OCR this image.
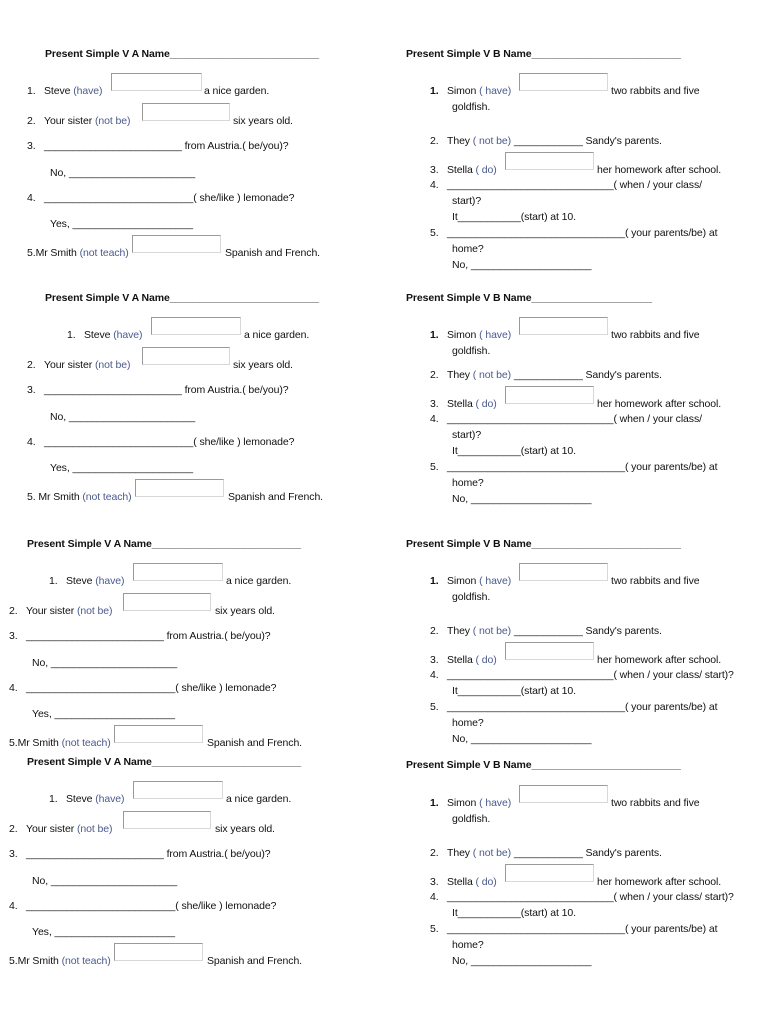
Present Simple V A Name__________________________
1. Steve (have)	a nice garden.
2. Your sister (not be)	six years old.
3. ________________________ from Austria.( be/you)?
No, ______________________
4. __________________________( she/like ) lemonade?
Yes, _____________________
5.Mr Smith (not teach)	Spanish and French.
Present Simple V A Name__________________________
1. Steve (have)	a nice garden.
2. Your sister (not be)	six years old.
3. ________________________ from Austria.( be/you)?
No, ______________________
4. __________________________( she/like ) lemonade?
Yes, _____________________
5. Mr Smith (not teach)	Spanish and French.
Present Simple V A Name__________________________
1. Steve (have)	a nice garden.
2. Your sister (not be)	six years old.
3. ________________________ from Austria.( be/you)?
No, ______________________
4. __________________________( she/like ) lemonade?
Yes, _____________________
5.Mr Smith (not teach)	Spanish and French.
Present Simple V A Name__________________________
1. Steve (have)	a nice garden.
2. Your sister (not be)	six years old.
3. ________________________ from Austria.( be/you)?
No, ______________________
4. __________________________( she/like ) lemonade?
Yes, _____________________
5.Mr Smith (not teach)	Spanish and French.
Present Simple V B Name__________________________
1. Simon ( have)	two rabbits and five
goldfish.
2. They ( not be) ____________ Sandy's parents.
3. Stella ( do)	her homework after school.
4. _____________________________( when / your class/
start)?
It___________(start) at 10.
5. _______________________________( your parents/be) at
home?
No, _____________________
Present Simple V B Name_____________________
1. Simon ( have)	two rabbits and five
goldfish.
2. They ( not be) ____________ Sandy's parents.
3. Stella ( do)	her homework after school.
4. _____________________________( when / your class/
start)?
It___________(start) at 10.
5. _______________________________( your parents/be) at
home?
No, _____________________
Present Simple V B Name__________________________
1. Simon ( have)	two rabbits and five
goldfish.
2. They ( not be) ____________ Sandy's parents.
3. Stella ( do)	her homework after school.
4. _____________________________( when / your class/ start)?
It___________(start) at 10.
5. _______________________________( your parents/be) at
home?
No, _____________________
Present Simple V B Name__________________________
1. Simon ( have)	two rabbits and five
goldfish.
2. They ( not be) ____________ Sandy's parents.
3. Stella ( do)	her homework after school.
4. _____________________________( when / your class/ start)?
It___________(start) at 10.
5. _______________________________( your parents/be) at
home?
No, _____________________
